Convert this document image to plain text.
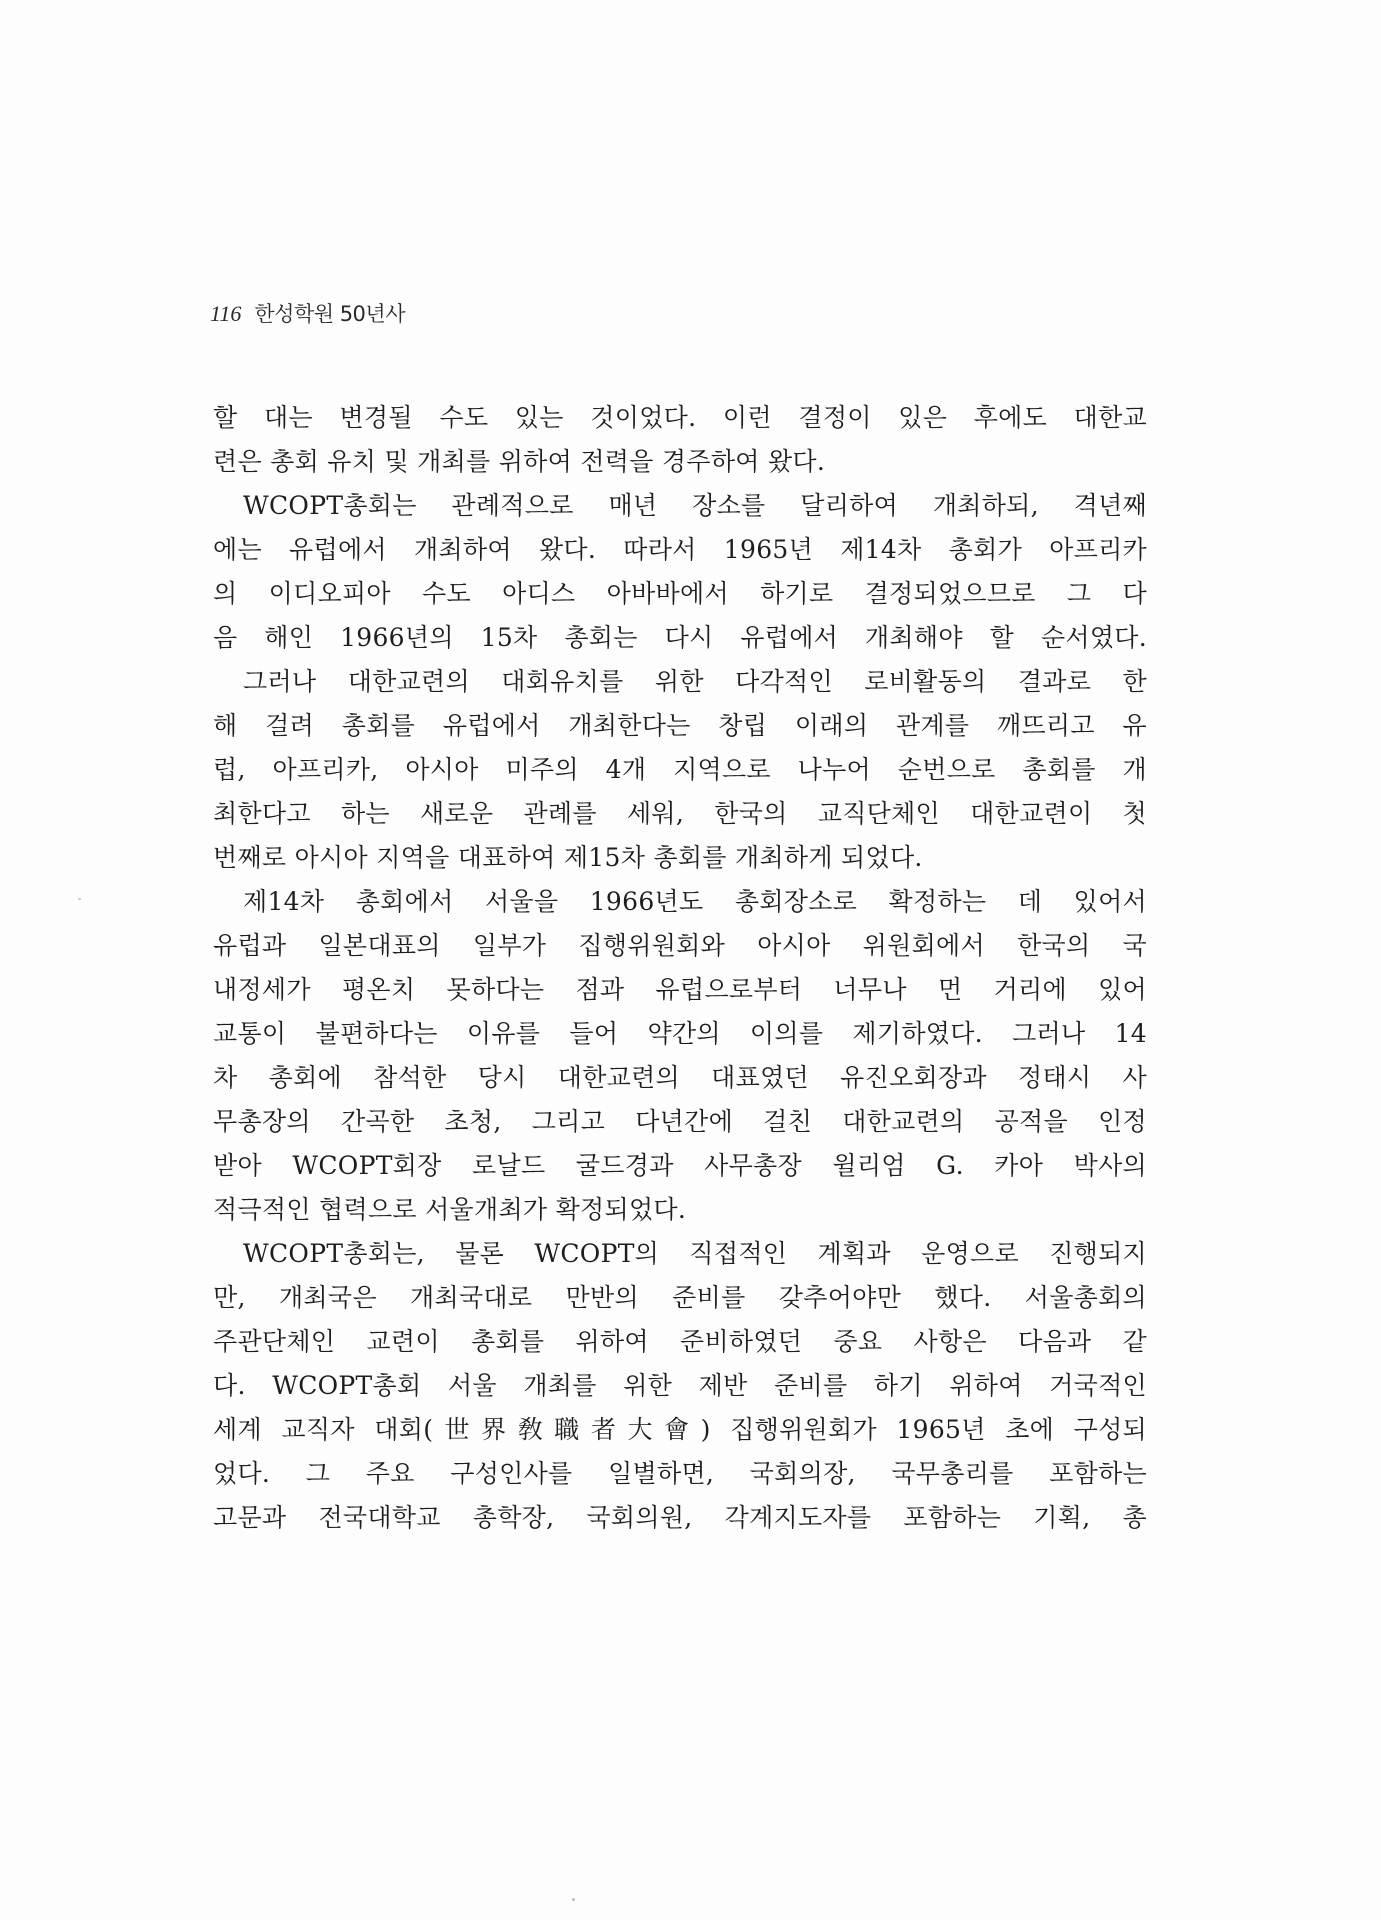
116 한성학원 50년사
할 대는 변경될 수도 있는 것이었다. 이런 결정이 있은 후에도 대한교
련은 총회 유치 및 개최를 위하여 전력을 경주하여 왔다.
WCOPT총회는 관례적으로 매년 장소를 달리하여 개최하되, 격년째
에는 유럽에서 개최하여 왔다. 따라서 1965년 제14차 총회가 아프리카
의 이디오피아 수도 아디스 아바바에서 하기로 결정되었으므로 그 다
음 해인 1966년의 15차 총회는 다시 유럽에서 개최해야 할 순서였다.
그러나 대한교련의 대회유치를 위한 다각적인 로비활동의 결과로 한
해 걸려 총회를 유럽에서 개최한다는 창립 이래의 관계를 깨뜨리고 유
럽, 아프리카, 아시아 미주의 4개 지역으로 나누어 순번으로 총회를 개
최한다고 하는 새로운 관례를 세워, 한국의 교직단체인 대한교련이 첫
번째로 아시아 지역을 대표하여 제15차 총회를 개최하게 되었다.
제14차 총회에서 서울을 1966년도 총회장소로 확정하는 데 있어서
유럽과 일본대표의 일부가 집행위원회와 아시아 위원회에서 한국의 국
내정세가 평온치 못하다는 점과 유럽으로부터 너무나 먼 거리에 있어
교통이 불편하다는 이유를 들어 약간의 이의를 제기하였다. 그러나 14
차 총회에 참석한 당시 대한교련의 대표였던 유진오회장과 정태시 사
무총장의 간곡한 초청, 그리고 다년간에 걸친 대한교련의 공적을 인정
받아 WCOPT회장 로날드 굴드경과 사무총장 윌리엄 G. 카아 박사의
적극적인 협력으로 서울개최가 확정되었다.
WCOPT총회는, 물론 WCOPT의 직접적인 계획과 운영으로 진행되지
만, 개최국은 개최국대로 만반의 준비를 갖추어야만 했다. 서울총회의
주관단체인 교련이 총회를 위하여 준비하였던 중요 사항은 다음과 같
다. WCOPT총회 서울 개최를 위한 제반 준비를 하기 위하여 거국적인
세계 교직자 대회(世界敎職者大會) 집행위원회가 1965년 초에 구성되
었다. 그 주요 구성인사를 일별하면, 국회의장, 국무총리를 포함하는
고문과 전국대학교 총학장, 국회의원, 각계지도자를 포함하는 기획, 총
